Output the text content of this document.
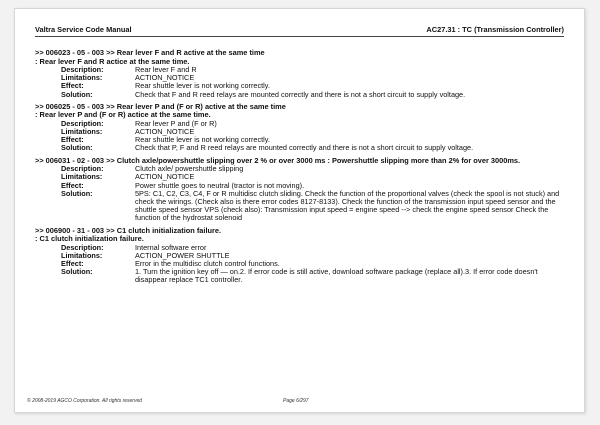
Valtra Service Code Manual	AC27.31 : TC (Transmission Controller)
>> 006023 - 05 - 003 >> Rear lever F and R active at the same time
: Rear lever F and R actice at the same time.
Description:	Rear lever F and R
Limitations:	ACTION_NOTICE
Effect:	Rear shuttle lever is not working correctly.
Solution:	Check that F and R reed relays are mounted correctly and there is not a short circuit to supply voltage.
>> 006025 - 05 - 003 >> Rear lever P and (F or R) active at the same time
: Rear lever P and (F or R) actice at the same time.
Description:	Rear lever P and (F or R)
Limitations:	ACTION_NOTICE
Effect:	Rear shuttle lever is not working correctly.
Solution:	Check that P, F and R reed relays are mounted correctly and there is not a short circuit to supply voltage.
>> 006031 - 02 - 003 >> Clutch axle/powershuttle slipping over 2 % or over 3000 ms : Powershuttle slipping more than 2% for over 3000ms.
Description:	Clutch axle/ powershuttle slipping
Limitations:	ACTION_NOTICE
Effect:	Power shuttle goes to neutral (tractor is not moving).
Solution:	5PS: C1, C2, C3, C4, F or R multidisc clutch sliding. Check the function of the proportional valves (check the spool is not stuck) and check the wirings. (Check also is there error codes 8127-8133). Check the function of the transmission input speed sensor and the shuttle speed sensor VPS (check also): Transmission input speed = engine speed --> check the engine speed sensor Check the function of the hydrostat solenoid
>> 006900 - 31 - 003 >> C1 clutch initialization failure.
: C1 clutch initialization failure.
Description:	Internal software error
Limitations:	ACTION_POWER SHUTTLE
Effect:	Error in the multidisc clutch control functions.
Solution:	1. Turn the ignition key off — on.2. If error code is still active, download software package (replace all).3. If error code doesn't disappear replace TC1 controller.
© 2008-2019 AGCO Corporation. All rights reserved	Page 6/297
